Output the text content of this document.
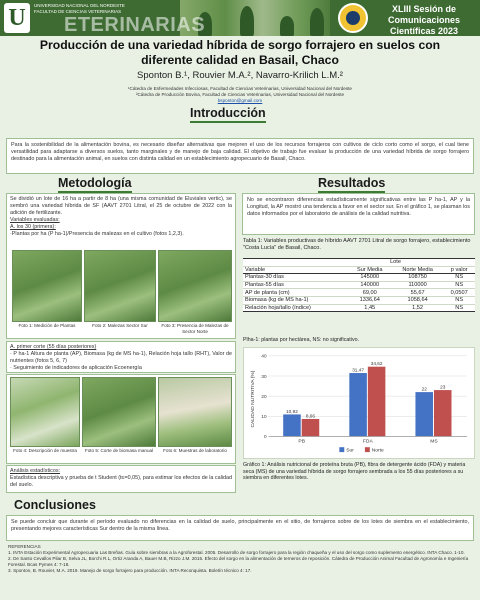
U	UNIVERSIDAD NACIONAL DEL NORDESTE
FACULTAD DE CIENCIAS VETERINARIAS
ETERINARIAS
XLIII Sesión de
Comunicaciones Científicas 2023
Producción de una variedad híbrida de sorgo forrajero en suelos con
diferente calidad en Basail, Chaco
Sponton B.¹, Rouvier M.A.², Navarro-Krilich L.M.²
¹Cátedra de Enfermedades Infecciosas, Facultad de Ciencias Veterinarias, Universidad Nacional del Nordeste
²Cátedra de Producción Bovina, Facultad de Ciencias Veterinarias, Universidad Nacional del Nordeste
bsponton@gmail.com
Introducción
Para la sostenibilidad de la alimentación bovina, es necesario diseñar alternativas que mejoren el uso de los recursos forrajeros con cultivos de ciclo corto como el sorgo, el cual tiene versatilidad para adaptarse a diversos suelos, tanto marginales y de manejo de baja calidad. El objetivo de trabajo fue evaluar la producción de una variedad híbrida de sorgo forrajero destinado para la alimentación animal, en suelos con distinta calidad en un establecimiento agropecuario de Basail, Chaco.
Metodología
Se dividió un lote de 16 ha a partir de 8 ha (una misma comunidad de Eluviales vertic), se sembró una variedad híbrida de SF (AAVT 2701 Litral, el 25 de octubre de 2022 con la adición de fertilizante.
Variables evaluadas:
A. los 30 (primera):
·Plantas por ha (P ha-1)/Presencia de malezas en el cultivo (fotos 1,2,3).
Foto 1: Medición de Plantas	Foto 2: Malezas Sector Sur	Foto 3: Presencia de Malezas de Sector Norte
A. primer corte (55 días posteriores)
· P ha-1 Altura de planta (AP), Biomasa (kg de MS ha-1), Relación hoja tallo (RHT), Valor de nutrientes (fotos 5, 6, 7)
· Seguimiento de indicadores de aplicación Ecoenergía
Foto 4: Descripción de muestra	Foto 5: Corte de biomasa manual	Foto 6: Muestras de laboratorio
Análisis estadísticos:
Estadística descriptiva y prueba de t Student (t≤=0,05), para estimar los efectos de la calidad del suelo.
Resultados
No se encontraron diferencias estadísticamente significativas entre las P ha-1, AP y la Longitud, la AP mostró una tendencia a favor en el sector sur. En el gráfico 1, se plasman los datos informados por el laboratorio de análisis de la calidad nutritiva.
Tabla 1: Variables productivas de híbrido AAVT 2701 Litral de sorgo forrajero, establecimiento "Costa Lucía" de Basail, Chaco.
	Lote		
Variable	Sur Media	Norte Media	p valor
Plantas-30 días	145000	108750	NS
Plantas-55 días	140000	110000	NS
AP de planta (cm)	69,00	55,67	0,0507
Biomasa (kg de MS ha-1)	1336,64	1058,64	NS
Relación hoja/tallo (índice)	1,45	1,52	NS
Plha-1: plantas por hectárea, NS: no significativo.
10,92
8,66
31,47
34,62
22	23
0
10
20
30
40
PB	FDA	MS
CALIDAD NUTRITIVA (%)
Sur	Norte
Gráfico 1: Análisis nutricional de proteína bruta (PB), fibra de detergente ácido (FDA) y materia seca (MS) de una variedad híbrida de sorgo forrajero sembrada a los 55 días posteriores a su siembra en diferentes lotes.
Conclusiones
Se puede concluir que durante el período evaluado no diferencias en la calidad de suelo, principalmente en el sitio, de forrajeros sobre de los lotes de siembra en el establecimiento, presentando mejores características Sur dentro de la misma línea.
REFERENCIAS
1. INTA Estación Experimental Agropecuaria Las Breñas. Guía sobre siembras a la Agroforestal. 2005. Desarrollo de sorgo forrajero para la región chaqueña y el uso del sorgo como suplemento energético. INTA Chaco. 1-10.
2. De Santo Cevallos Pilar B, Selva JL, Borchi R.L, Ortiz Aranda A, Bauer M.B, Rizzo J.M. 2015. Efecto del sorgo en la alimentación de terneros de reposición. Cátedra de Producción Animal Facultad de Agronomía e Ingeniería Forestal. Bcas Pymes 4: 7-18.
3. Sponton, B. Rouvier, M.A. 2019. Manejo de sorgo forrajero para producción. INTA Reconquista. Boletín técnico 4: 17.
